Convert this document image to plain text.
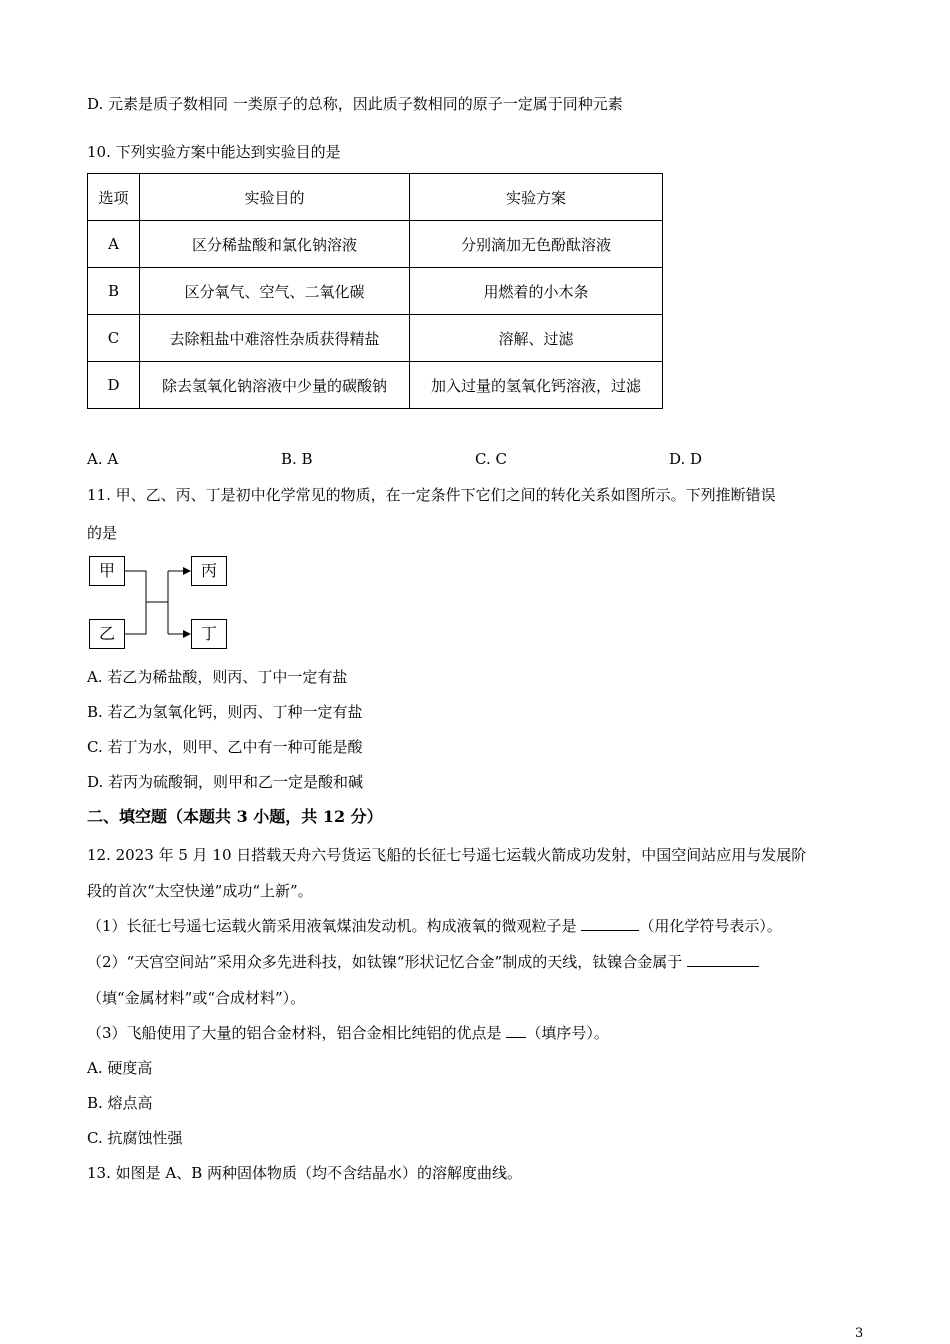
D. 元素是质子数相同 一类原子的总称，因此质子数相同的原子一定属于同种元素
10. 下列实验方案中能达到实验目的是
选项	实验目的	实验方案
A	区分稀盐酸和氯化钠溶液	分别滴加无色酚酞溶液
B	区分氧气、空气、二氧化碳	用燃着的小木条
C	去除粗盐中难溶性杂质获得精盐	溶解、过滤
D	除去氢氧化钠溶液中少量的碳酸钠	加入过量的氢氧化钙溶液，过滤
A. A	B. B	C. C	D. D
11. 甲、乙、丙、丁是初中化学常见的物质，在一定条件下它们之间的转化关系如图所示。下列推断错误
的是
甲
乙
丙
丁
A. 若乙为稀盐酸，则丙、丁中一定有盐
B. 若乙为氢氧化钙，则丙、丁种一定有盐
C. 若丁为水，则甲、乙中有一种可能是酸
D. 若丙为硫酸铜，则甲和乙一定是酸和碱
二、填空题（本题共 3 小题，共 12 分）
12. 2023 年 5 月 10 日搭载天舟六号货运飞船的长征七号遥七运载火箭成功发射，中国空间站应用与发展阶
段的首次“太空快递”成功“上新”。
（1）长征七号遥七运载火箭采用液氧煤油发动机。构成液氧的微观粒子是	（用化学符号表示）。
（2）“天宫空间站”采用众多先进科技，如钛镍“形状记忆合金”制成的天线，钛镍合金属于
（填“金属材料”或“合成材料”）。
（3）飞船使用了大量的铝合金材料，铝合金相比纯铝的优点是 （填序号）。
A. 硬度高
B. 熔点高
C. 抗腐蚀性强
13. 如图是 A、B 两种固体物质（均不含结晶水）的溶解度曲线。
3
